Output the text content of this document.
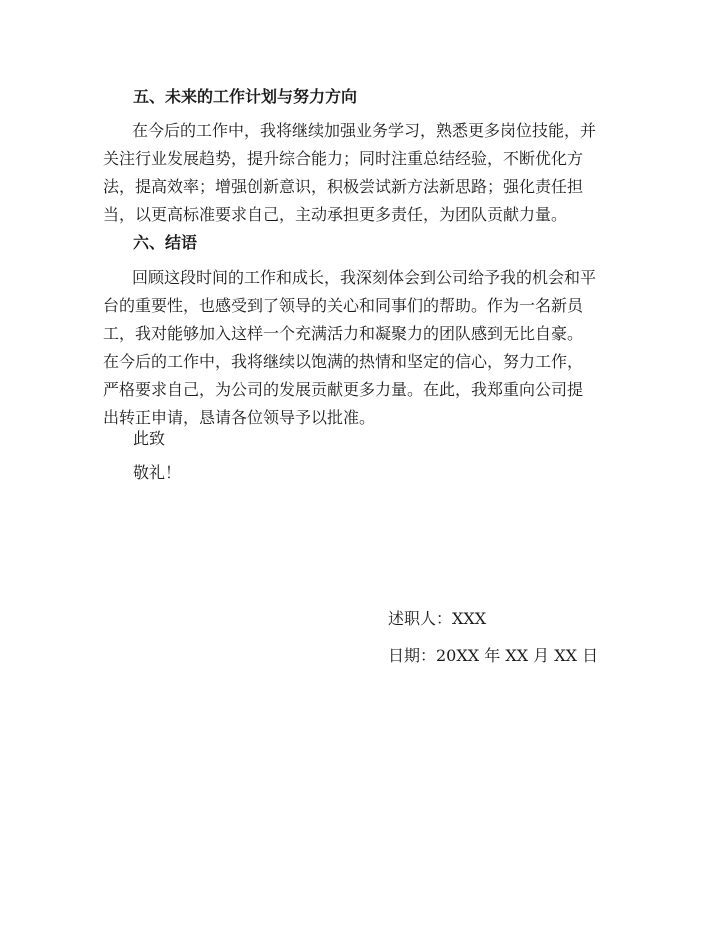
五、未来的工作计划与努力方向
在今后的工作中，我将继续加强业务学习，熟悉更多岗位技能，并
关注行业发展趋势，提升综合能力；同时注重总结经验，不断优化方
法，提高效率；增强创新意识，积极尝试新方法新思路；强化责任担
当，以更高标准要求自己，主动承担更多责任，为团队贡献力量。
六、结语
回顾这段时间的工作和成长，我深刻体会到公司给予我的机会和平
台的重要性，也感受到了领导的关心和同事们的帮助。作为一名新员
工，我对能够加入这样一个充满活力和凝聚力的团队感到无比自豪。
在今后的工作中，我将继续以饱满的热情和坚定的信心，努力工作，
严格要求自己，为公司的发展贡献更多力量。在此，我郑重向公司提
出转正申请，恳请各位领导予以批准。
此致
敬礼！
述职人：XXX
日期：20XX 年 XX 月 XX 日
